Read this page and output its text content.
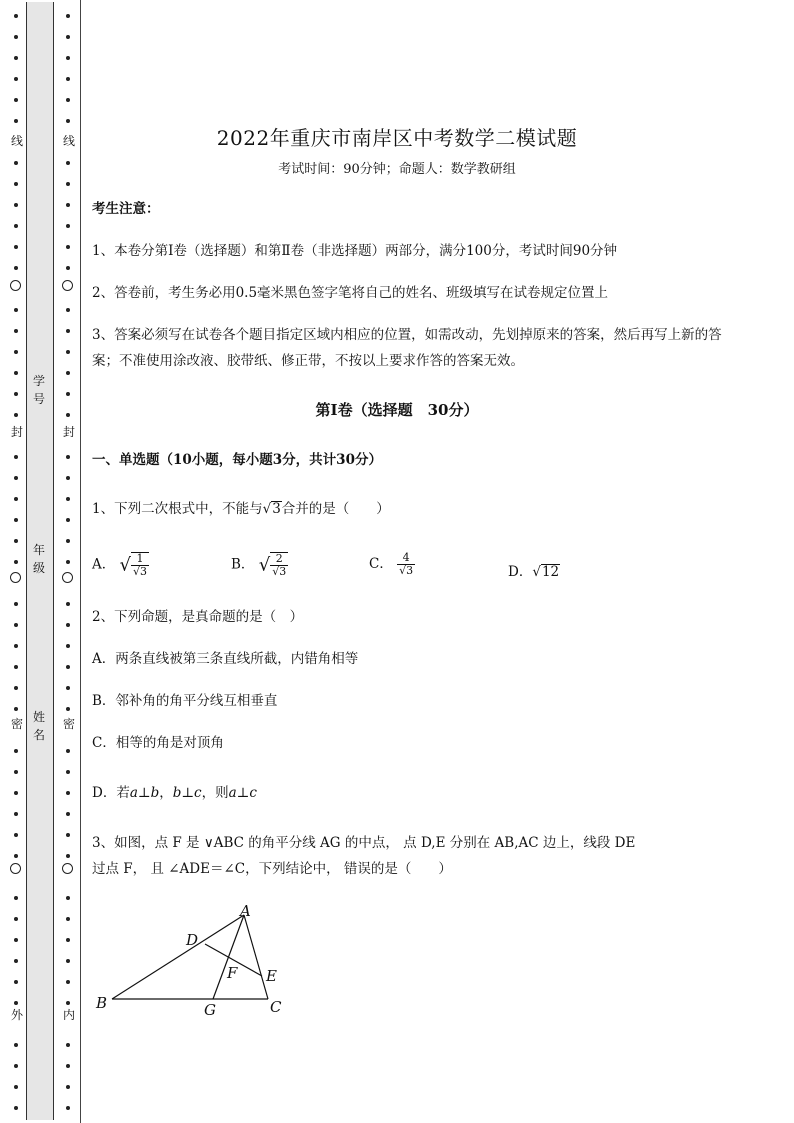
线
封
密
外
学
号
年
级
姓
名
线
封
密
内
2022年重庆市南岸区中考数学二模试题
考试时间：90分钟；命题人：数学教研组
考生注意：
1、本卷分第I卷（选择题）和第Ⅱ卷（非选择题）两部分，满分100分，考试时间90分钟
2、答卷前，考生务必用0.5毫米黑色签字笔将自己的姓名、班级填写在试卷规定位置上
3、答案必须写在试卷各个题目指定区域内相应的位置，如需改动，先划掉原来的答案，然后再写上新的答案；不准使用涂改液、胶带纸、修正带，不按以上要求作答的答案无效。
第I卷（选择题　30分）
一、单选题（10小题，每小题3分，共计30分）
1、下列二次根式中，不能与√3合并的是（　　）
A． √ $\frac{1}{√3}$	B． √ $\frac{2}{√3}$	C． $\frac{4}{√3}$	D．√12
2、下列命题，是真命题的是（　）
A．两条直线被第三条直线所截，内错角相等
B．邻补角的角平分线互相垂直
C．相等的角是对顶角
D．若a⊥b，b⊥c，则a⊥c
3、如图，点 F 是 ∨ABC 的角平分线 AG 的中点， 点 D,E 分别在 AB,AC 边上，线段 DE
过点 F， 且 ∠ADE＝∠C，下列结论中， 错误的是（　　）
A
B	C
D
E
F
G
